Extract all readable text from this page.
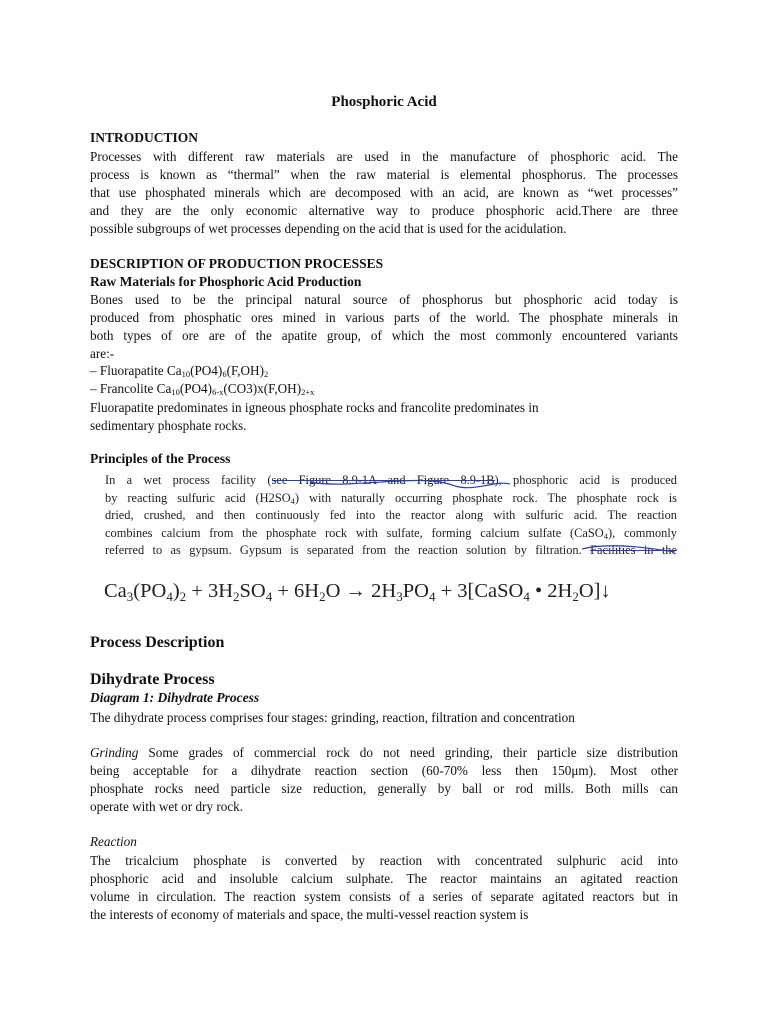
Phosphoric Acid
INTRODUCTION
Processes with different raw materials are used in the manufacture of phosphoric acid. The
process is known as “thermal” when the raw material is elemental phosphorus. The processes
that use phosphated minerals which are decomposed with an acid, are known as “wet processes”
and they are the only economic alternative way to produce phosphoric acid.There are three
possible subgroups of wet processes depending on the acid that is used for the acidulation.
DESCRIPTION OF PRODUCTION PROCESSES
Raw Materials for Phosphoric Acid Production
Bones used to be the principal natural source of phosphorus but phosphoric acid today is
produced from phosphatic ores mined in various parts of the world. The phosphate minerals in
both types of ore are of the apatite group, of which the most commonly encountered variants
are:-
– Fluorapatite $Ca_{10}(PO4)_6(F,OH)_2$
– Francolite $Ca_{10}(PO4)_{6-x}(CO3)x(F,OH)_{2+x}$
Fluorapatite predominates in igneous phosphate rocks and francolite predominates in
sedimentary phosphate rocks.
Principles of the Process
In a wet process facility (see Figure 8.9-1A and Figure 8.9-1B), phosphoric acid is produced
by reacting sulfuric acid $(H2SO_4)$ with naturally occurring phosphate rock. The phosphate rock is
dried, crushed, and then continuously fed into the reactor along with sulfuric acid. The reaction
combines calcium from the phosphate rock with sulfate, forming calcium sulfate (CaSO$_4$), commonly
referred to as gypsum. Gypsum is separated from the reaction solution by filtration. Facilities in the
$Ca_3(PO_4)_2 + 3H_2SO_4 + 6H_2O \to 2H_3PO_4$ + 3[CaSO$_4$ • $2H_2O]↓$
Process Description
Dihydrate Process
Diagram 1: Dihydrate Process
The dihydrate process comprises four stages: grinding, reaction, filtration and concentration
Grinding Some grades of commercial rock do not need grinding, their particle size distribution
being acceptable for a dihydrate reaction section (60-70% less then 150μm). Most other
phosphate rocks need particle size reduction, generally by ball or rod mills. Both mills can
operate with wet or dry rock.
Reaction
The tricalcium phosphate is converted by reaction with concentrated sulphuric acid into
phosphoric acid and insoluble calcium sulphate. The reactor maintains an agitated reaction
volume in circulation. The reaction system consists of a series of separate agitated reactors but in
the interests of economy of materials and space, the multi-vessel reaction system is
